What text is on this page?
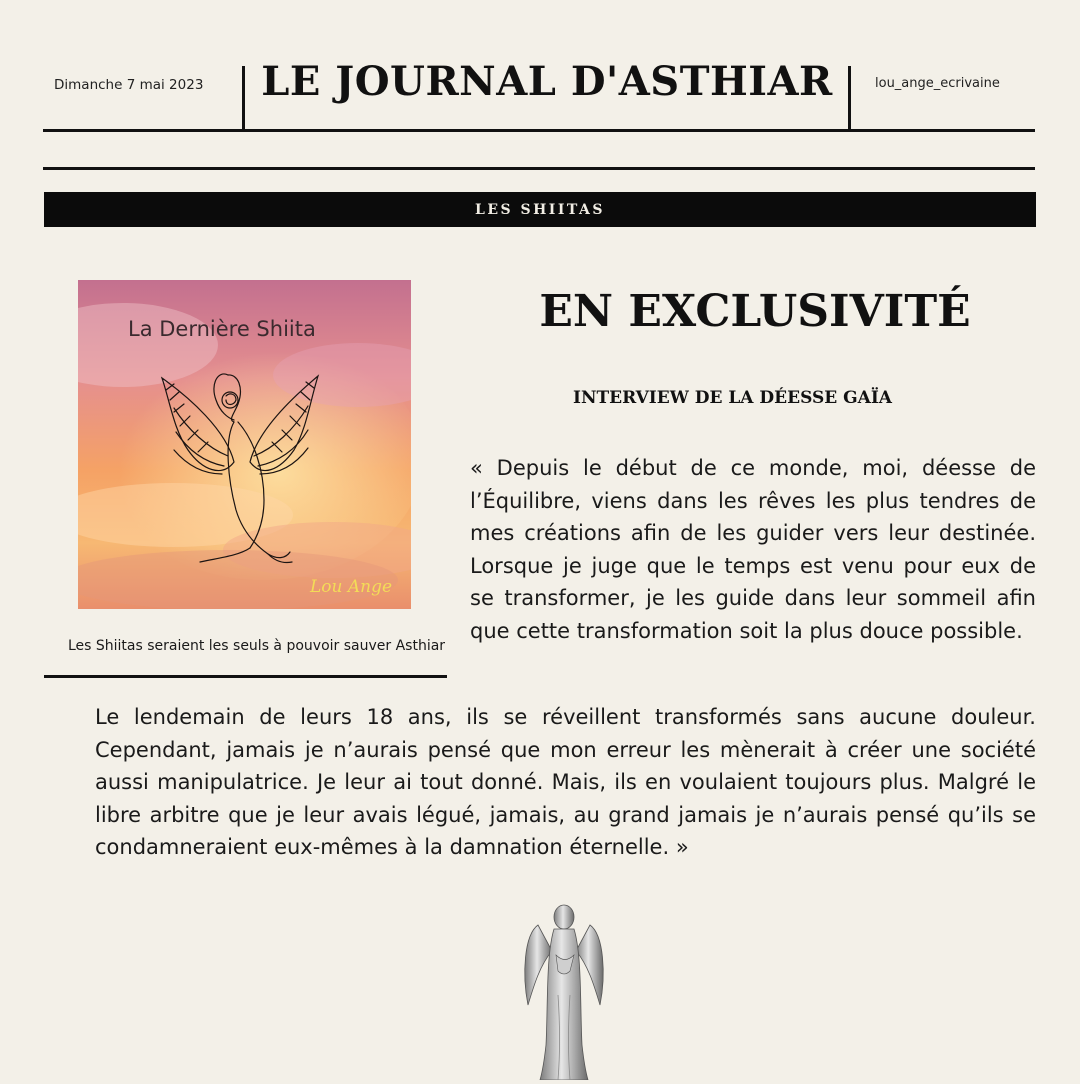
Dimanche 7 mai 2023 LE JOURNAL D'ASTHIAR	lou_ange_ecrivaine
LES SHIITAS
La Dernière Shiita
Lou Ange
Les Shiitas seraient les seuls à pouvoir sauver Asthiar
EN EXCLUSIVITÉ
INTERVIEW DE LA DÉESSE GAÏA

« Depuis le début de ce monde, moi, déesse de l’Équilibre, viens dans les rêves les plus tendres de mes créations afin de les guider vers leur destinée. Lorsque je juge que le temps est venu pour eux de se transformer, je les guide dans leur sommeil afin que cette transformation soit la plus douce possible.

Le lendemain de leurs 18 ans, ils se réveillent transformés sans aucune douleur. Cependant, jamais je n’aurais pensé que mon erreur les mènerait à créer une société aussi manipulatrice. Je leur ai tout donné. Mais, ils en voulaient toujours plus. Malgré le libre arbitre que je leur avais légué, jamais, au grand jamais je n’aurais pensé qu’ils se condamneraient eux-mêmes à la damnation éternelle. »
